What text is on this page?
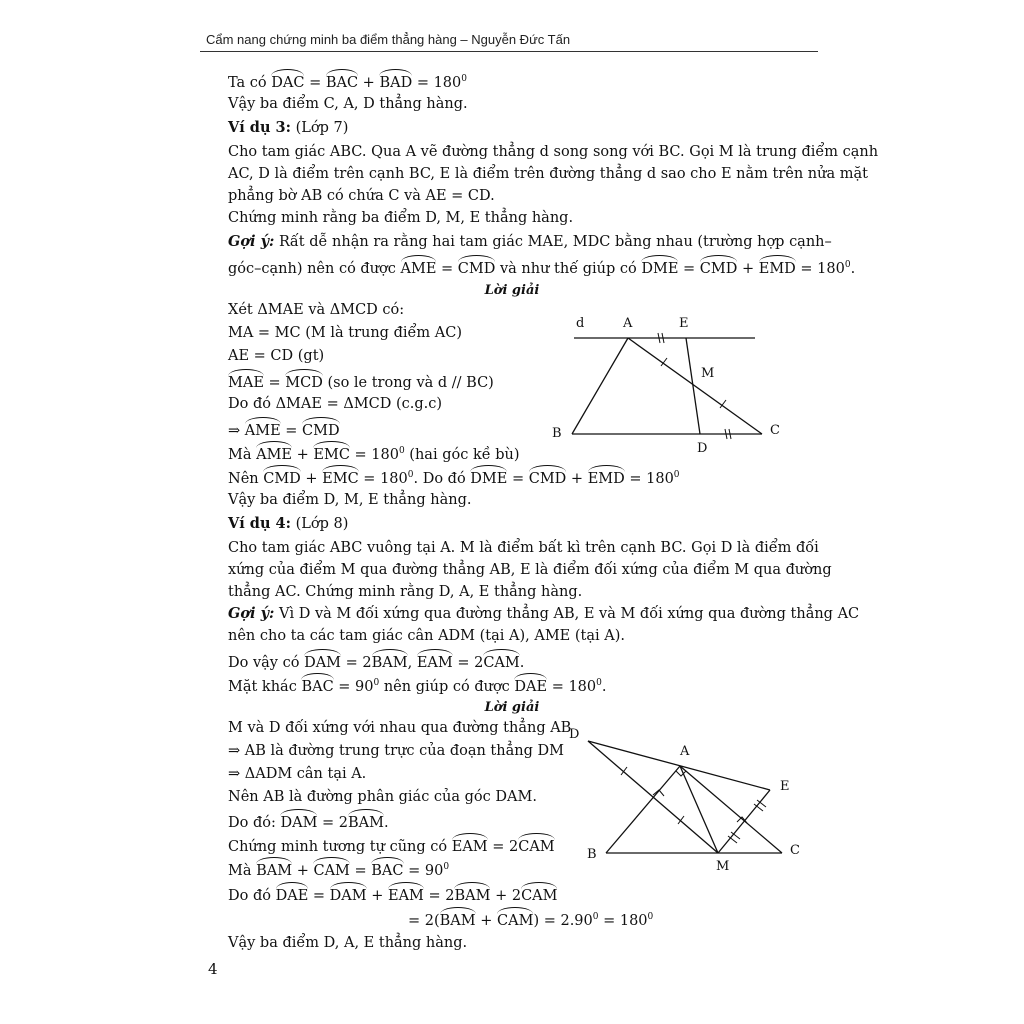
Cẩm nang chứng minh ba điểm thẳng hàng – Nguyễn Đức Tấn
Ta có DAC = BAC + BAD = $180^0$
Vậy ba điểm C, A, D thẳng hàng.
Ví dụ 3: (Lớp 7)
Cho tam giác ABC. Qua A vẽ đường thẳng d song song với BC. Gọi M là trung điểm cạnh
AC, D là điểm trên cạnh BC, E là điểm trên đường thẳng d sao cho E nằm trên nửa mặt
phẳng bờ AB có chứa C và AE = CD.
Chứng minh rằng ba điểm D, M, E thẳng hàng.
Gợi ý: Rất dễ nhận ra rằng hai tam giác MAE, MDC bằng nhau (trường hợp cạnh–
góc–cạnh) nên có được AME = CMD và như thế giúp có DME = CMD + EMD = $180^0$.
Lời giải
Xét ΔMAE và ΔMCD có:
MA = MC (M là trung điểm AC)
AE = CD (gt)
MAE = MCD (so le trong và d // BC)
Do đó ΔMAE = ΔMCD (c.g.c)
⇒ AME = CMD
Mà AME + EMC = $180^0$ (hai góc kề bù)
Nên CMD + EMC = $180^0$. Do đó DME = CMD + EMD = $180^0$
Vậy ba điểm D, M, E thẳng hàng.
d	A	E
M
B
D
C
Ví dụ 4: (Lớp 8)
Cho tam giác ABC vuông tại A. M là điểm bất kì trên cạnh BC. Gọi D là điểm đối
xứng của điểm M qua đường thẳng AB, E là điểm đối xứng của điểm M qua đường
thẳng AC. Chứng minh rằng D, A, E thẳng hàng.
Gợi ý: Vì D và M đối xứng qua đường thẳng AB, E và M đối xứng qua đường thẳng AC
nên cho ta các tam giác cân ADM (tại A), AME (tại A).
Do vậy có DAM = 2BAM, EAM = 2CAM.
Mặt khác BAC = $90^0$ nên giúp có được DAE = $180^0$.
Lời giải
M và D đối xứng với nhau qua đường thẳng AB
⇒ AB là đường trung trực của đoạn thẳng DM
⇒ ΔADM cân tại A.
Nên AB là đường phân giác của góc DAM.
Do đó: DAM = 2BAM.
Chứng minh tương tự cũng có EAM = 2CAM
Mà BAM + CAM = BAC = $90^0$
Do đó DAE = DAM + EAM = 2BAM + 2CAM
= $2(BAM + CAM) = 2.90^0 = 180^0$
Vậy ba điểm D, A, E thẳng hàng.
D
A
E
B
M
C
4
